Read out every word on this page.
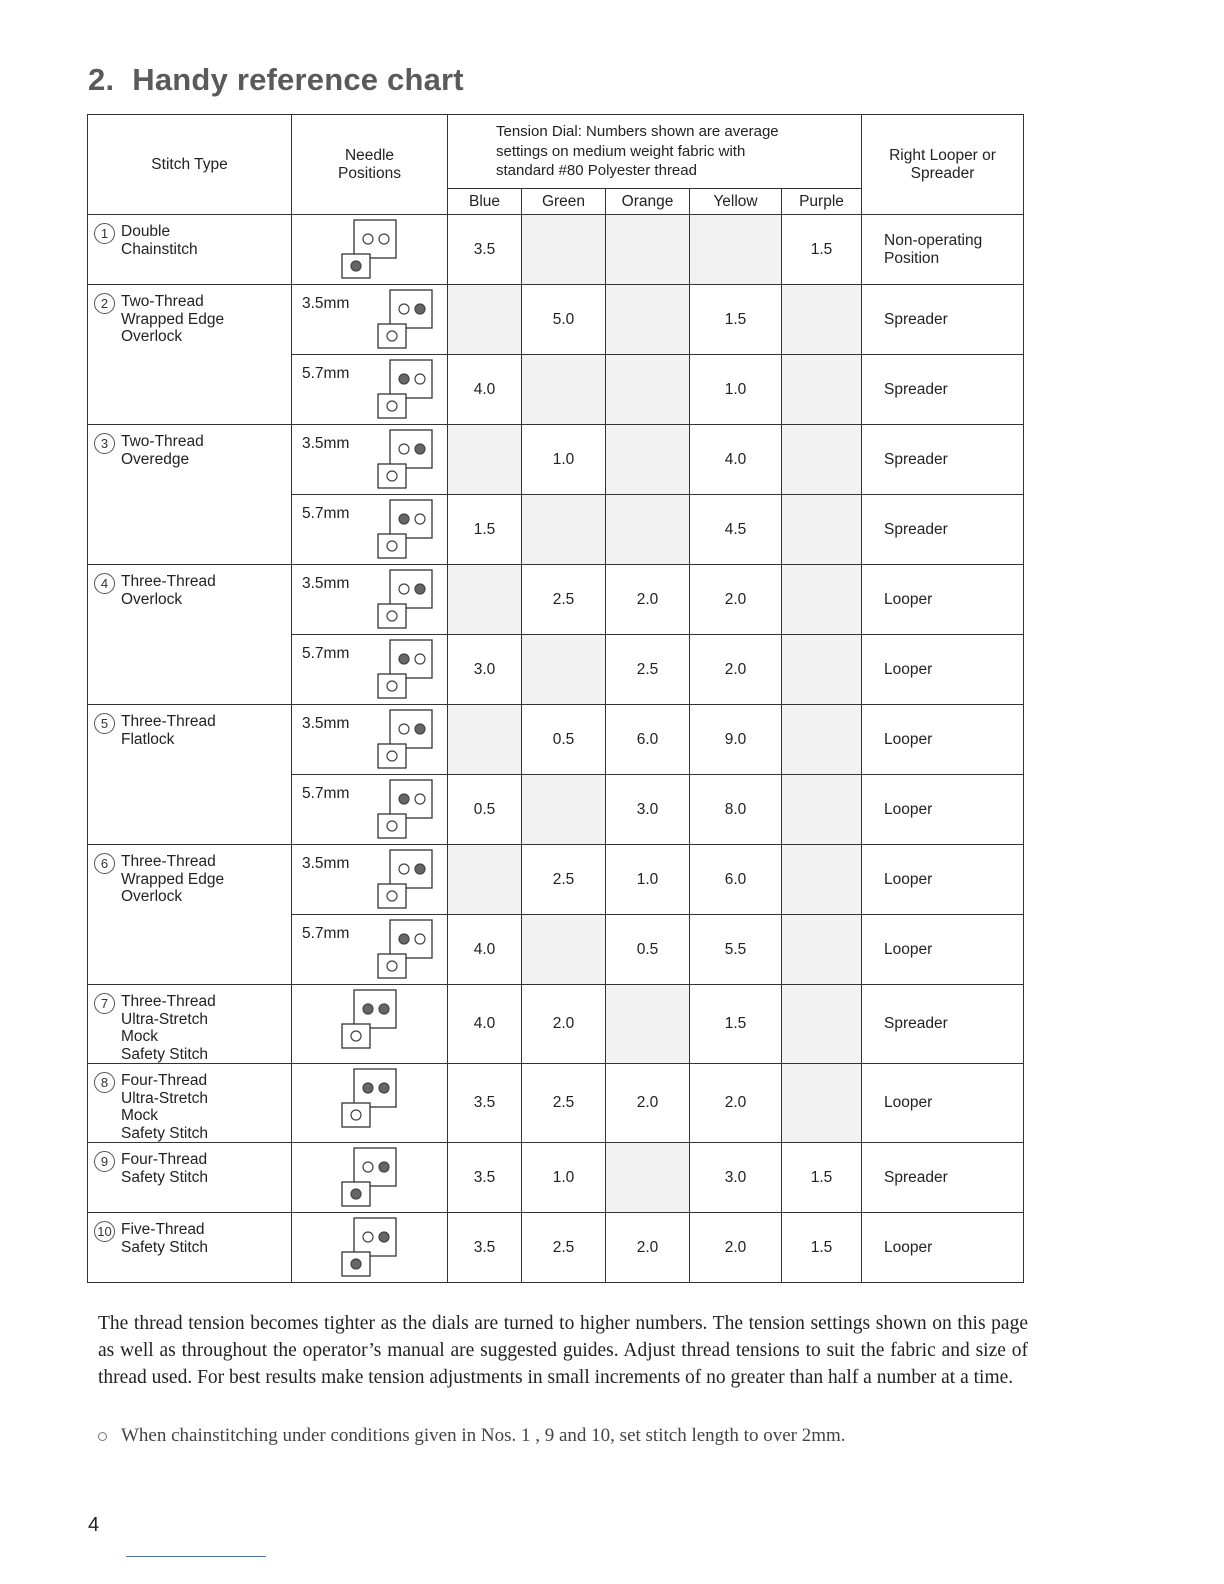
2. Handy reference chart
Stitch Type	Needle
Positions	Tension Dial: Numbers shown are average
settings on medium weight fabric with
standard #80 Polyester thread					Right Looper or
Spreader
		Blue	Green	Orange	Yellow	Purple	

1 Double
Chainstitch		3.5				1.5	Non-operating Position

2 Two-Thread
Wrapped Edge
Overlock	3.5mm		5.0		1.5		Spreader

	5.7mm	4.0			1.0		Spreader

3 Two-Thread
Overedge	3.5mm		1.0		4.0		Spreader

	5.7mm	1.5			4.5		Spreader

4 Three-Thread
Overlock	3.5mm		2.5	2.0	2.0		Looper

	5.7mm	3.0		2.5	2.0		Looper

5 Three-Thread
Flatlock	3.5mm		0.5	6.0	9.0		Looper

	5.7mm	0.5		3.0	8.0		Looper

6 Three-Thread
Wrapped Edge
Overlock	3.5mm		2.5	1.0	6.0		Looper

	5.7mm	4.0		0.5	5.5		Looper

7 Three-Thread
Ultra-Stretch
Mock
Safety Stitch		4.0	2.0		1.5		Spreader

8 Four-Thread
Ultra-Stretch
Mock
Safety Stitch		3.5	2.5	2.0	2.0		Looper

9 Four-Thread
Safety Stitch		3.5	1.0		3.0	1.5	Spreader

10 Five-Thread
Safety Stitch		3.5	2.5	2.0	2.0	1.5	Looper

The thread tension becomes tighter as the dials are turned to higher numbers. The tension settings shown on this page as well as throughout the operator’s manual are suggested guides. Adjust thread tensions to suit the fabric and size of thread used. For best results make tension adjustments in small increments of no greater than half a number at a time.

When chainstitching under conditions given in Nos. 1 , 9 and 10, set stitch length to over 2mm.

4
